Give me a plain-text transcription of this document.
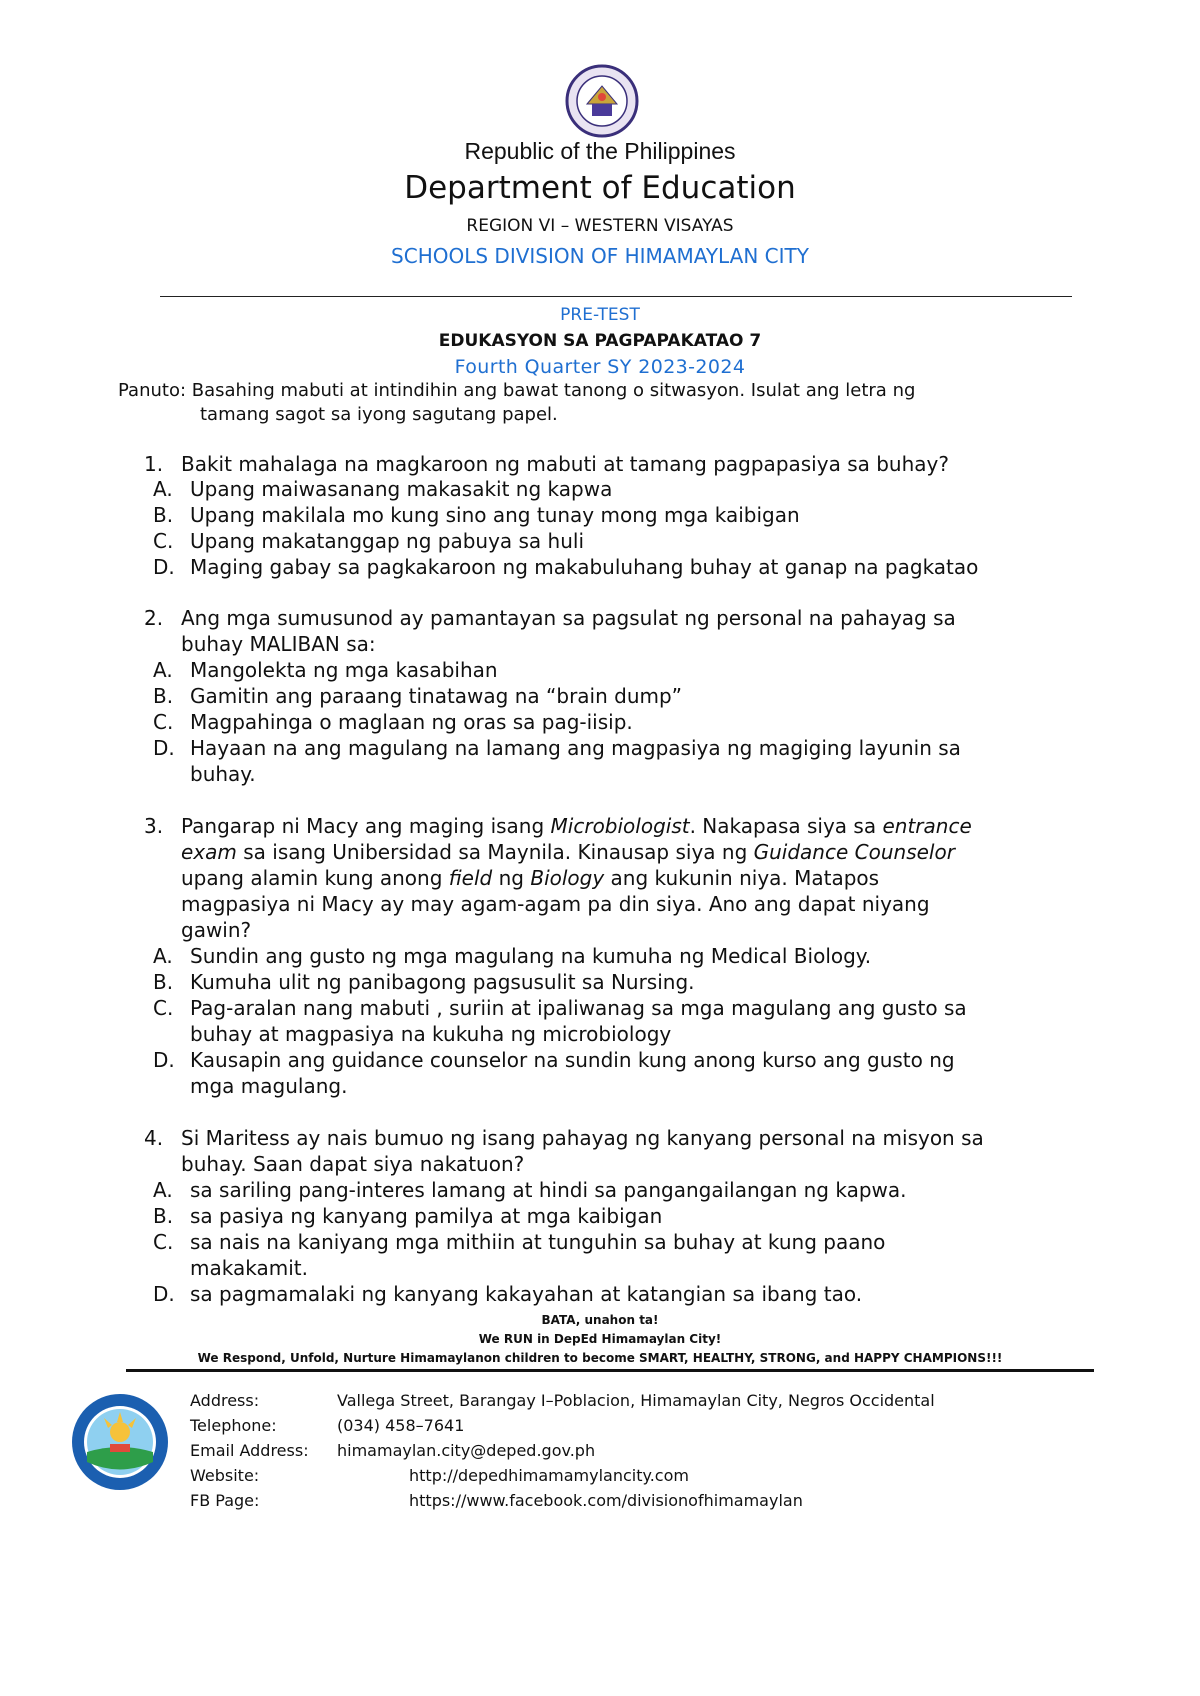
Republic of the Philippines
Department of Education
REGION VI – WESTERN VISAYAS
SCHOOLS DIVISION OF HIMAMAYLAN CITY
PRE-TEST
EDUKASYON SA PAGPAPAKATAO 7
Fourth Quarter SY 2023-2024
Panuto: Basahing mabuti at intindihin ang bawat tanong o sitwasyon. Isulat ang letra ng
tamang sagot sa iyong sagutang papel.
1. Bakit mahalaga na magkaroon ng mabuti at tamang pagpapasiya sa buhay?
A. Upang maiwasanang makasakit ng kapwa
B. Upang makilala mo kung sino ang tunay mong mga kaibigan
C. Upang makatanggap ng pabuya sa huli
D. Maging gabay sa pagkakaroon ng makabuluhang buhay at ganap na pagkatao
2. Ang mga sumusunod ay pamantayan sa pagsulat ng personal na pahayag sa
buhay MALIBAN sa:
A. Mangolekta ng mga kasabihan
B. Gamitin ang paraang tinatawag na “brain dump”
C. Magpahinga o maglaan ng oras sa pag-iisip.
D. Hayaan na ang magulang na lamang ang magpasiya ng magiging layunin sa
buhay.
3. Pangarap ni Macy ang maging isang Microbiologist. Nakapasa siya sa entrance
exam sa isang Unibersidad sa Maynila. Kinausap siya ng Guidance Counselor
upang alamin kung anong field ng Biology ang kukunin niya. Matapos
magpasiya ni Macy ay may agam-agam pa din siya. Ano ang dapat niyang
gawin?
A. Sundin ang gusto ng mga magulang na kumuha ng Medical Biology.
B. Kumuha ulit ng panibagong pagsusulit sa Nursing.
C. Pag-aralan nang mabuti , suriin at ipaliwanag sa mga magulang ang gusto sa
buhay at magpasiya na kukuha ng microbiology
D. Kausapin ang guidance counselor na sundin kung anong kurso ang gusto ng
mga magulang.
4. Si Maritess ay nais bumuo ng isang pahayag ng kanyang personal na misyon sa
buhay. Saan dapat siya nakatuon?
A. sa sariling pang-interes lamang at hindi sa pangangailangan ng kapwa.
B. sa pasiya ng kanyang pamilya at mga kaibigan
C. sa nais na kaniyang mga mithiin at tunguhin sa buhay at kung paano
makakamit.
D. sa pagmamalaki ng kanyang kakayahan at katangian sa ibang tao.
BATA, unahon ta!
We RUN in DepEd Himamaylan City!
We Respond, Unfold, Nurture Himamaylanon children to become SMART, HEALTHY, STRONG, and HAPPY CHAMPIONS!!!
Address:	Vallega Street, Barangay I–Poblacion, Himamaylan City, Negros Occidental
Telephone:	(034) 458–7641
Email Address: himamaylan.city@deped.gov.ph
Website:	http://depedhimamamylancity.com
FB Page:	https://www.facebook.com/divisionofhimamaylan
